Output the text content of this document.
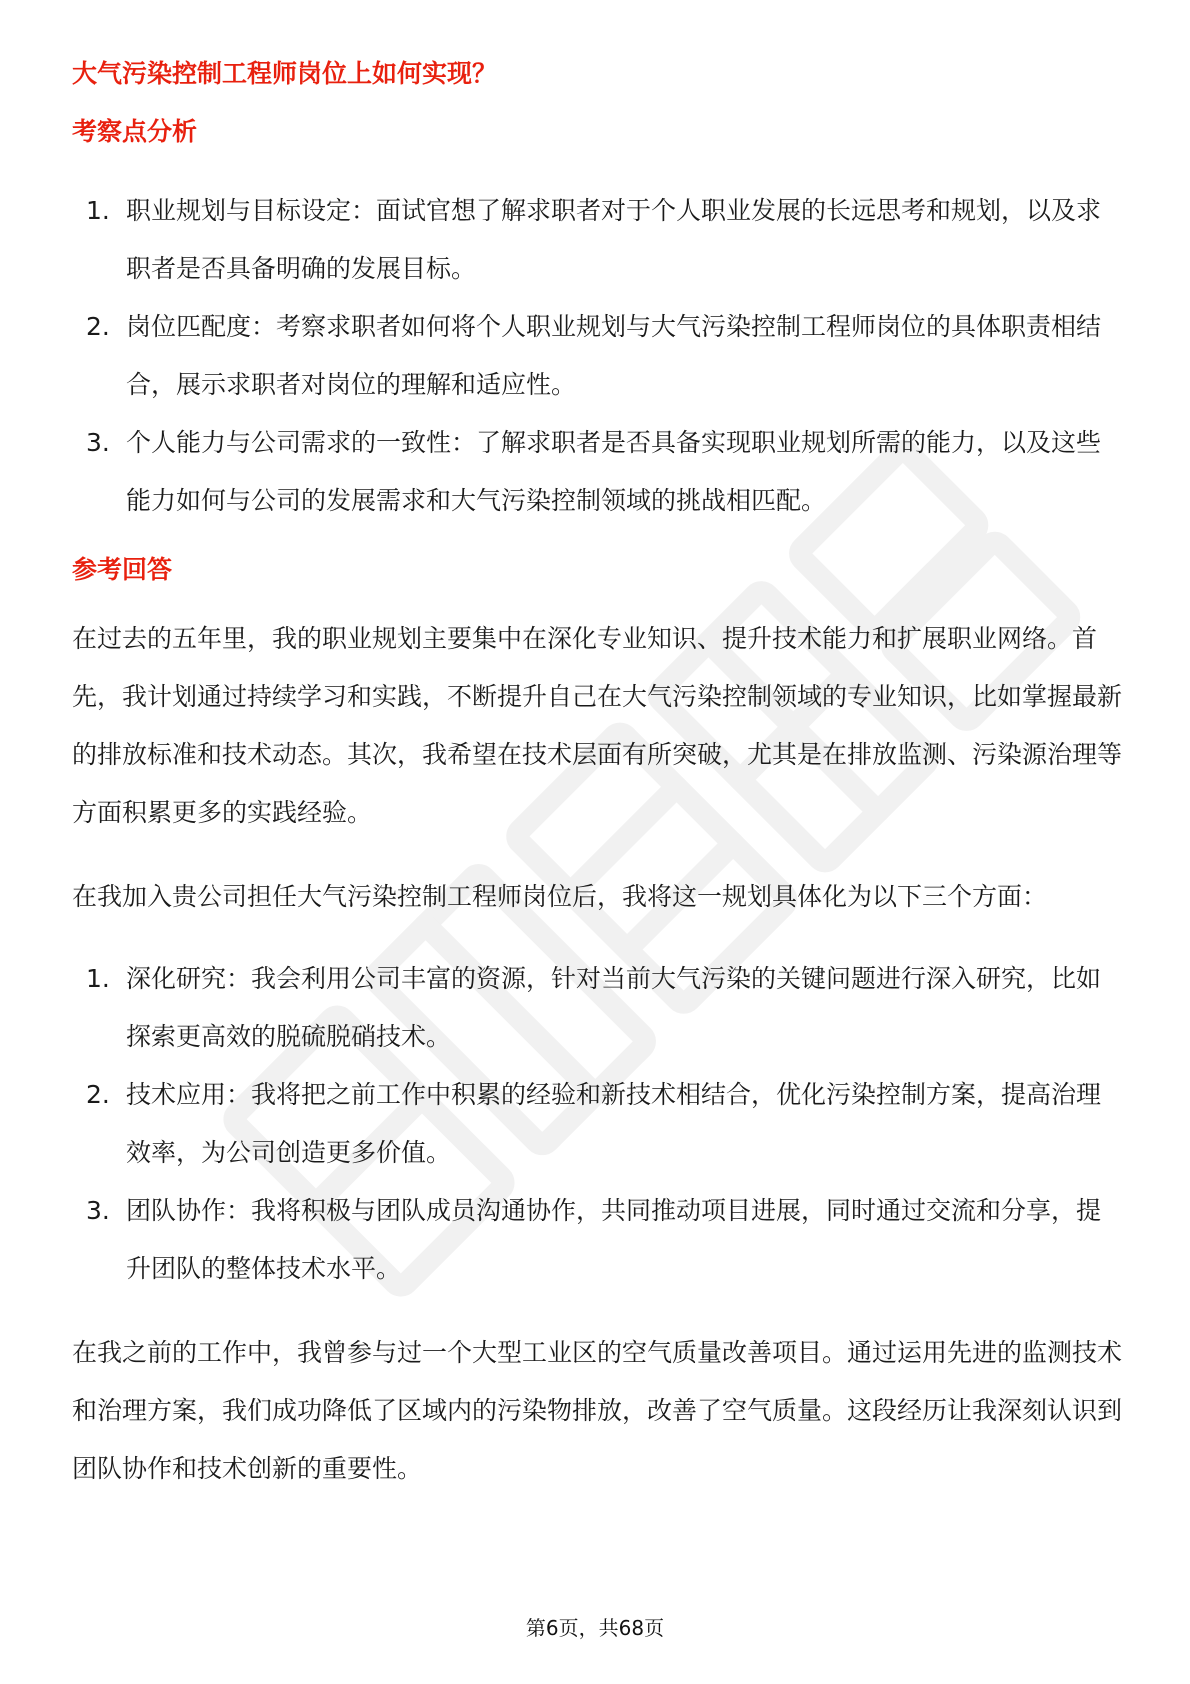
大气污染控制工程师岗位上如何实现？
考察点分析
1. 职业规划与目标设定：面试官想了解求职者对于个人职业发展的长远思考和规划，以及求职者是否具备明确的发展目标。
2. 岗位匹配度：考察求职者如何将个人职业规划与大气污染控制工程师岗位的具体职责相结合，展示求职者对岗位的理解和适应性。
3. 个人能力与公司需求的一致性：了解求职者是否具备实现职业规划所需的能力，以及这些能力如何与公司的发展需求和大气污染控制领域的挑战相匹配。
参考回答

在过去的五年里，我的职业规划主要集中在深化专业知识、提升技术能力和扩展职业网络。首先，我计划通过持续学习和实践，不断提升自己在大气污染控制领域的专业知识，比如掌握最新的排放标准和技术动态。其次，我希望在技术层面有所突破，尤其是在排放监测、污染源治理等方面积累更多的实践经验。

在我加入贵公司担任大气污染控制工程师岗位后，我将这一规划具体化为以下三个方面：

1. 深化研究：我会利用公司丰富的资源，针对当前大气污染的关键问题进行深入研究，比如探索更高效的脱硫脱硝技术。
2. 技术应用：我将把之前工作中积累的经验和新技术相结合，优化污染控制方案，提高治理效率，为公司创造更多价值。
3. 团队协作：我将积极与团队成员沟通协作，共同推动项目进展，同时通过交流和分享，提升团队的整体技术水平。

在我之前的工作中，我曾参与过一个大型工业区的空气质量改善项目。通过运用先进的监测技术和治理方案，我们成功降低了区域内的污染物排放，改善了空气质量。这段经历让我深刻认识到团队协作和技术创新的重要性。

第6页，共68页
